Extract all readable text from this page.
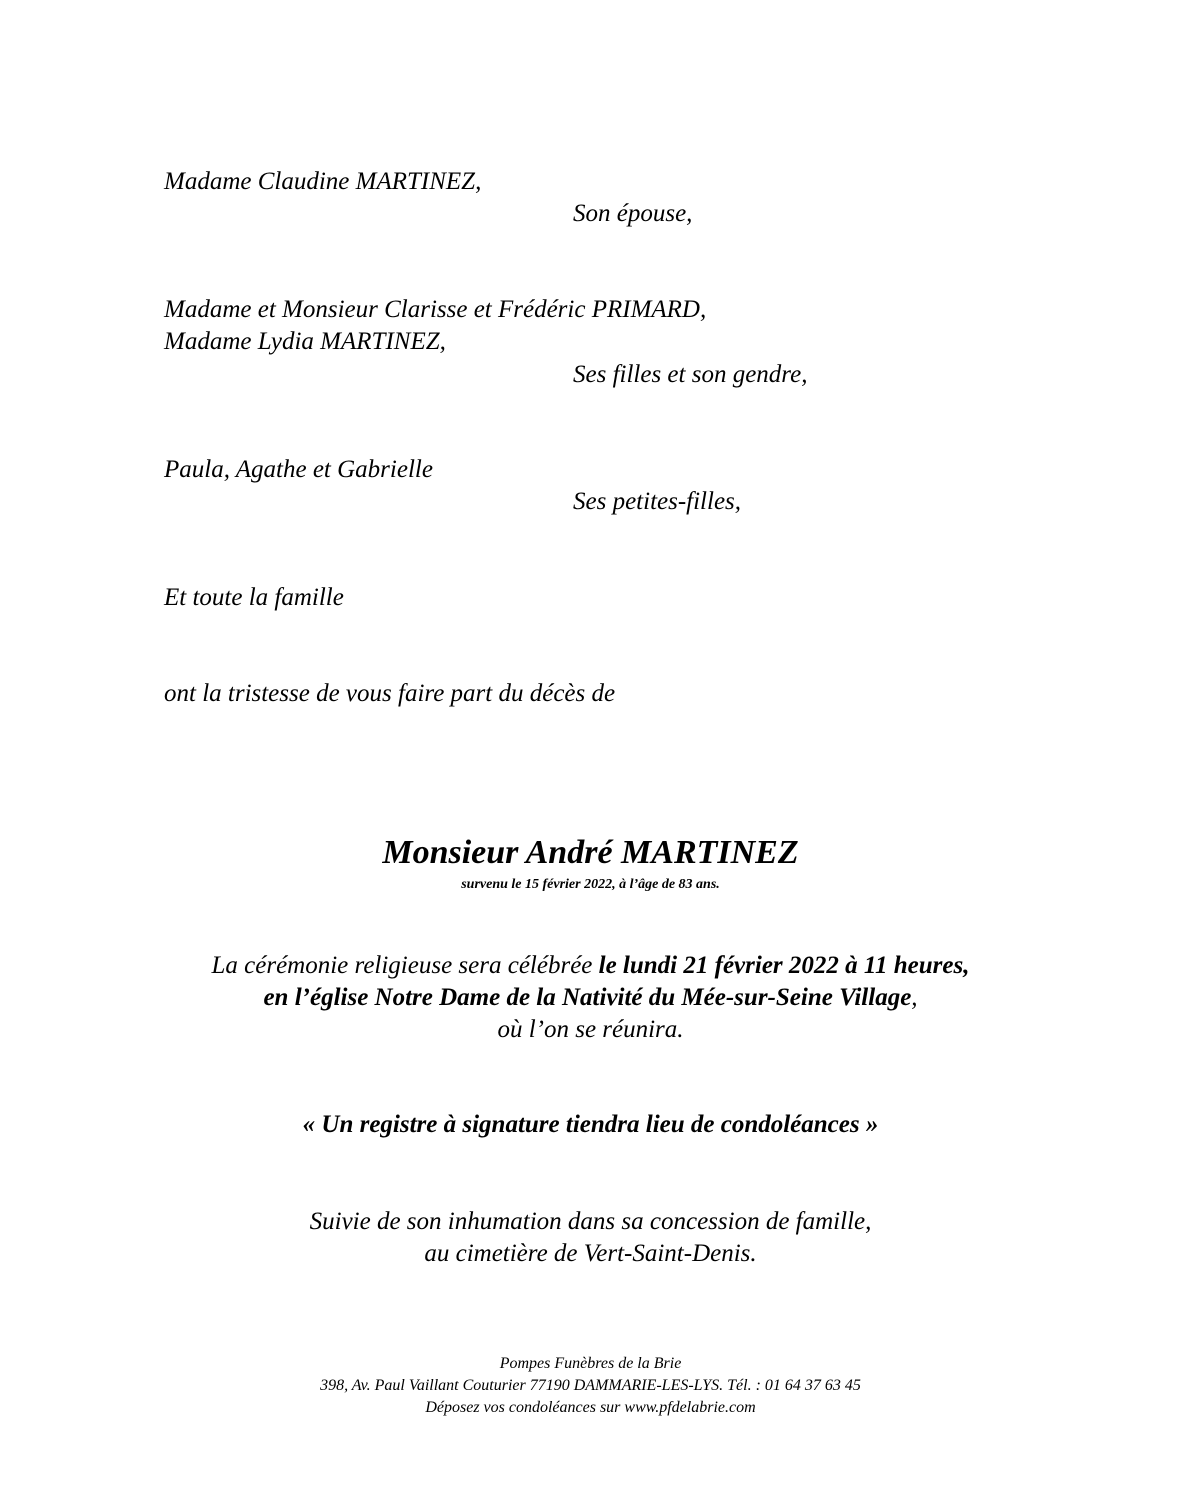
Madame Claudine MARTINEZ,
Son épouse,
Madame et Monsieur Clarisse et Frédéric PRIMARD,
Madame Lydia MARTINEZ,
Ses filles et son gendre,
Paula, Agathe et Gabrielle
Ses petites-filles,
Et toute la famille
ont la tristesse de vous faire part du décès de
Monsieur André MARTINEZ
survenu le 15 février 2022, à l’âge de 83 ans.
La cérémonie religieuse sera célébrée le lundi 21 février 2022 à 11 heures,
en l’église Notre Dame de la Nativité du Mée-sur-Seine Village,
où l’on se réunira.
« Un registre à signature tiendra lieu de condoléances »
Suivie de son inhumation dans sa concession de famille,
au cimetière de Vert-Saint-Denis.
Pompes Funèbres de la Brie
398, Av. Paul Vaillant Couturier 77190 DAMMARIE-LES-LYS. Tél. : 01 64 37 63 45
Déposez vos condoléances sur www.pfdelabrie.com
